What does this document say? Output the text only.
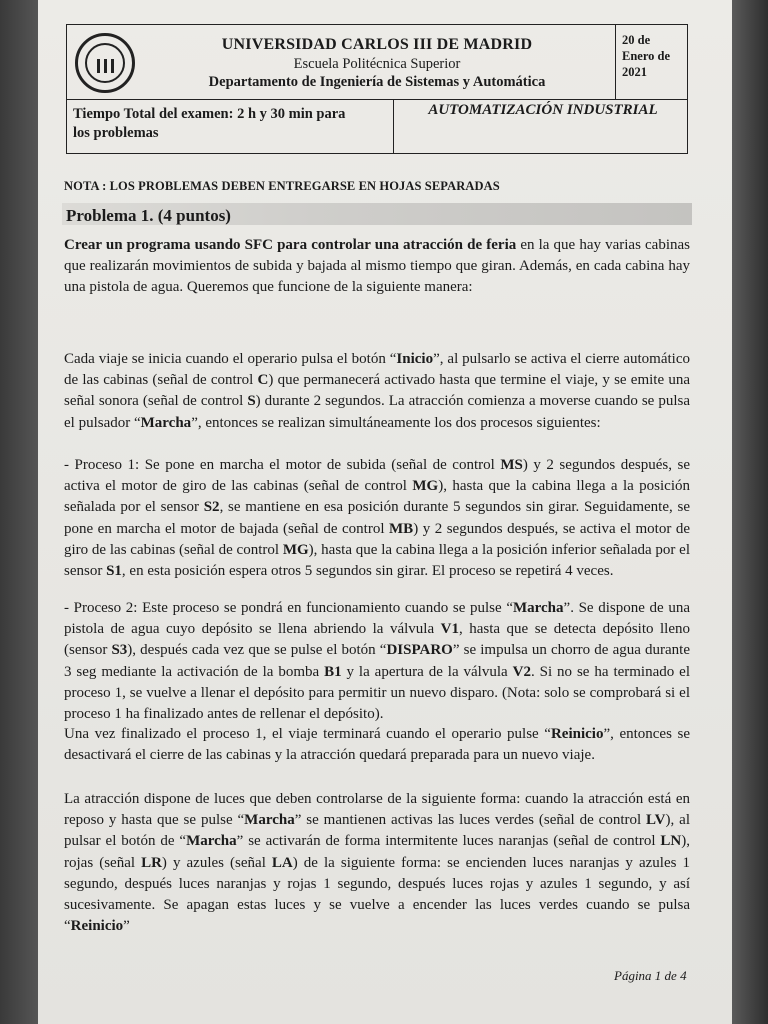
UNIVERSIDAD CARLOS III DE MADRID
Escuela Politécnica Superior
Departamento de Ingeniería de Sistemas y Automática
20 de
Enero de
2021
Tiempo Total del examen: 2 h y 30 min para
los problemas
AUTOMATIZACIÓN INDUSTRIAL
NOTA : LOS PROBLEMAS DEBEN ENTREGARSE EN HOJAS SEPARADAS
Problema 1. (4 puntos)
Crear un programa usando SFC para controlar una atracción de feria en la que hay varias cabinas que realizarán movimientos de subida y bajada al mismo tiempo que giran. Además, en cada cabina hay una pistola de agua. Queremos que funcione de la siguiente manera:
Cada viaje se inicia cuando el operario pulsa el botón “Inicio”, al pulsarlo se activa el cierre automático de las cabinas (señal de control C) que permanecerá activado hasta que termine el viaje, y se emite una señal sonora (señal de control S) durante 2 segundos. La atracción comienza a moverse cuando se pulsa el pulsador “Marcha”, entonces se realizan simultáneamente los dos procesos siguientes:
- Proceso 1: Se pone en marcha el motor de subida (señal de control MS) y 2 segundos después, se activa el motor de giro de las cabinas (señal de control MG), hasta que la cabina llega a la posición señalada por el sensor S2, se mantiene en esa posición durante 5 segundos sin girar. Seguidamente, se pone en marcha el motor de bajada (señal de control MB) y 2 segundos después, se activa el motor de giro de las cabinas (señal de control MG), hasta que la cabina llega a la posición inferior señalada por el sensor S1, en esta posición espera otros 5 segundos sin girar. El proceso se repetirá 4 veces.
- Proceso 2: Este proceso se pondrá en funcionamiento cuando se pulse “Marcha”. Se dispone de una pistola de agua cuyo depósito se llena abriendo la válvula V1, hasta que se detecta depósito lleno (sensor S3), después cada vez que se pulse el botón “DISPARO” se impulsa un chorro de agua durante 3 seg mediante la activación de la bomba B1 y la apertura de la válvula V2. Si no se ha terminado el proceso 1, se vuelve a llenar el depósito para permitir un nuevo disparo. (Nota: solo se comprobará si el proceso 1 ha finalizado antes de rellenar el depósito).
Una vez finalizado el proceso 1, el viaje terminará cuando el operario pulse “Reinicio”, entonces se desactivará el cierre de las cabinas y la atracción quedará preparada para un nuevo viaje.
La atracción dispone de luces que deben controlarse de la siguiente forma: cuando la atracción está en reposo y hasta que se pulse “Marcha” se mantienen activas las luces verdes (señal de control LV), al pulsar el botón de “Marcha” se activarán de forma intermitente luces naranjas (señal de control LN), rojas (señal LR) y azules (señal LA) de la siguiente forma: se encienden luces naranjas y azules 1 segundo, después luces naranjas y rojas 1 segundo, después luces rojas y azules 1 segundo, y así sucesivamente. Se apagan estas luces y se vuelve a encender las luces verdes cuando se pulsa “Reinicio”
Página 1 de 4
